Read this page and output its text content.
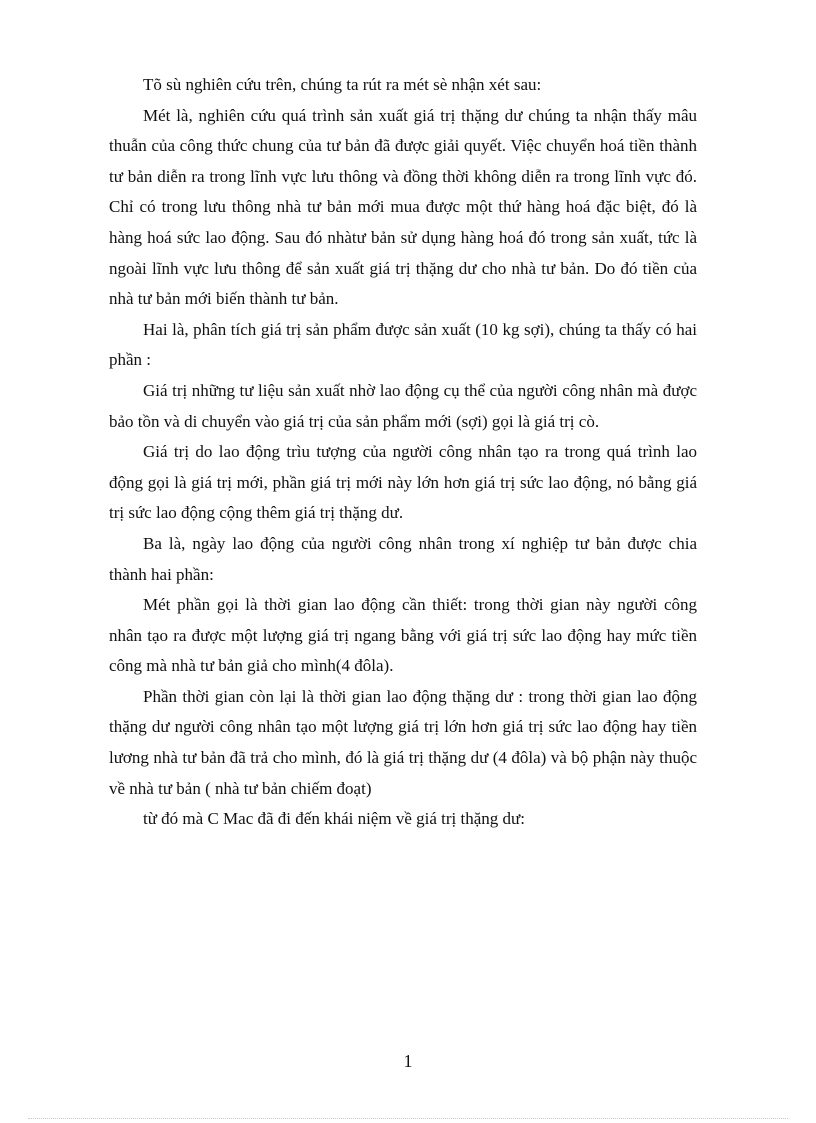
Tõ sù nghiên cứu trên, chúng ta rút ra mét sè nhận xét sau:

Mét là, nghiên cứu quá trình sản xuất giá trị thặng dư chúng ta nhận thấy mâu thuẫn của công thức chung của tư bản đã được giải quyết. Việc chuyển hoá tiền thành tư bản diễn ra trong lĩnh vực lưu thông và đồng thời không diễn ra trong lĩnh vực đó. Chỉ có trong lưu thông nhà tư bản mới mua được một thứ hàng hoá đặc biệt, đó là hàng hoá sức lao động. Sau đó nhàtư bản sử dụng hàng hoá đó trong sản xuất, tức là ngoài lĩnh vực lưu thông để sản xuất giá trị thặng dư cho nhà tư bản. Do đó tiền của nhà tư bản mới biến thành tư bản.

Hai là, phân tích giá trị sản phẩm được sản xuất (10 kg sợi), chúng ta thấy có hai phần :

Giá trị những tư liệu sản xuất nhờ lao động cụ thể của người công nhân mà được bảo tồn và di chuyển vào giá trị của sản phẩm mới (sợi) gọi là giá trị cò.

Giá trị do lao động trìu tượng của người công nhân tạo ra trong quá trình lao động gọi là giá trị mới, phần giá trị mới này lớn hơn giá trị sức lao động, nó bằng giá trị sức lao động cộng thêm giá trị thặng dư.

Ba là, ngày lao động của người công nhân trong xí nghiệp tư bản được chia thành hai phần:

Mét phần gọi là thời gian lao động cần thiết: trong thời gian này người công nhân tạo ra được một lượng giá trị ngang bằng với giá trị sức lao động hay mức tiền công mà nhà tư bản giả cho mình(4 đôla).

Phần thời gian còn lại là thời gian lao động thặng dư : trong thời gian lao động thặng dư người công nhân tạo một lượng giá trị lớn hơn giá trị sức lao động hay tiền lương nhà tư bản đã trả cho mình, đó là giá trị thặng dư (4 đôla) và bộ phận này thuộc về nhà tư bản ( nhà tư bản chiếm đoạt)

từ đó mà C Mac đã đi đến khái niệm về giá trị thặng dư:

1
